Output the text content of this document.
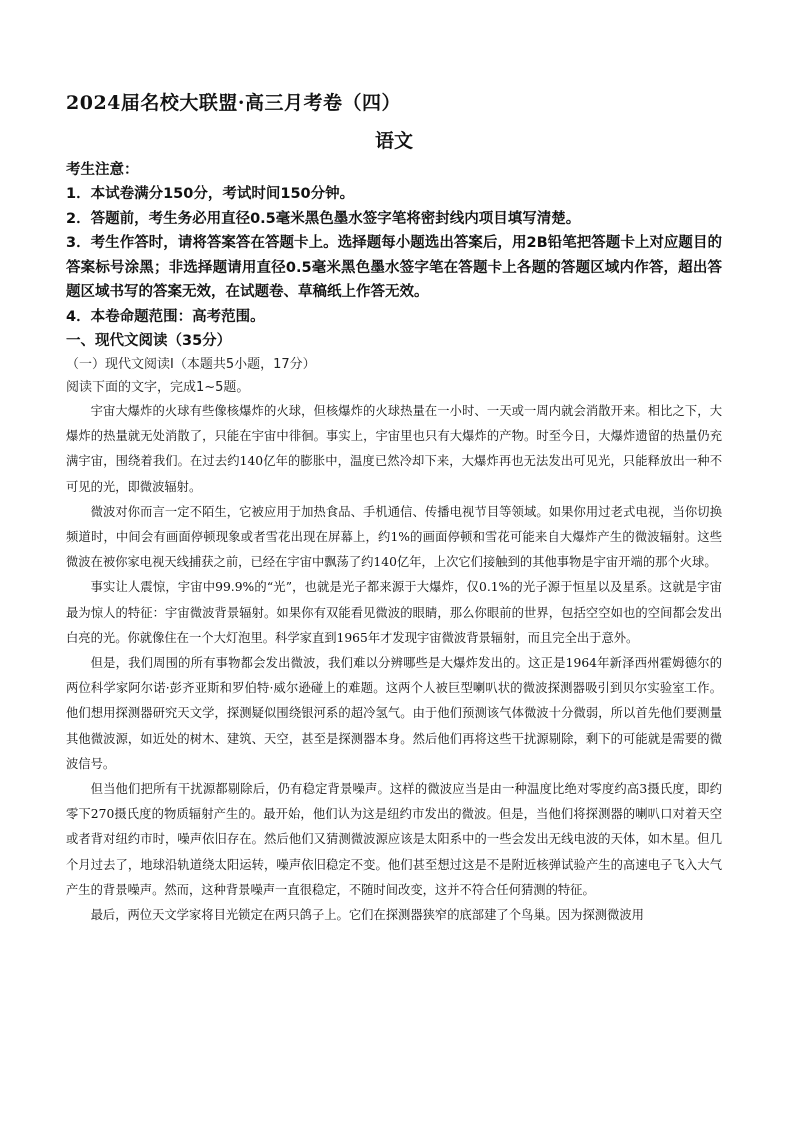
2024届名校大联盟·高三月考卷（四）
语文

考生注意：

1．本试卷满分150分，考试时间150分钟。

2．答题前，考生务必用直径0.5毫米黑色墨水签字笔将密封线内项目填写清楚。

3．考生作答时，请将答案答在答题卡上。选择题每小题选出答案后，用2B铅笔把答题卡上对应题目的答案标号涂黑；非选择题请用直径0.5毫米黑色墨水签字笔在答题卡上各题的答题区域内作答，超出答题区域书写的答案无效，在试题卷、草稿纸上作答无效。

4．本卷命题范围：高考范围。

一、现代文阅读（35分）

（一）现代文阅读Ⅰ（本题共5小题，17分）

阅读下面的文字，完成1~5题。

宇宙大爆炸的火球有些像核爆炸的火球，但核爆炸的火球热量在一小时、一天或一周内就会消散开来。相比之下，大爆炸的热量就无处消散了，只能在宇宙中徘徊。事实上，宇宙里也只有大爆炸的产物。时至今日，大爆炸遗留的热量仍充满宇宙，围绕着我们。在过去约140亿年的膨胀中，温度已然冷却下来，大爆炸再也无法发出可见光，只能释放出一种不可见的光，即微波辐射。

微波对你而言一定不陌生，它被应用于加热食品、手机通信、传播电视节目等领域。如果你用过老式电视，当你切换频道时，中间会有画面停顿现象或者雪花出现在屏幕上，约1%的画面停顿和雪花可能来自大爆炸产生的微波辐射。这些微波在被你家电视天线捕获之前，已经在宇宙中飘荡了约140亿年，上次它们接触到的其他事物是宇宙开端的那个火球。

事实让人震惊，宇宙中99.9%的“光”，也就是光子都来源于大爆炸，仅0.1%的光子源于恒星以及星系。这就是宇宙最为惊人的特征：宇宙微波背景辐射。如果你有双能看见微波的眼睛，那么你眼前的世界，包括空空如也的空间都会发出白亮的光。你就像住在一个大灯泡里。科学家直到1965年才发现宇宙微波背景辐射，而且完全出于意外。

但是，我们周围的所有事物都会发出微波，我们难以分辨哪些是大爆炸发出的。这正是1964年新泽西州霍姆德尔的两位科学家阿尔诺·彭齐亚斯和罗伯特·威尔逊碰上的难题。这两个人被巨型喇叭状的微波探测器吸引到贝尔实验室工作。他们想用探测器研究天文学，探测疑似围绕银河系的超冷氢气。由于他们预测该气体微波十分微弱，所以首先他们要测量其他微波源，如近处的树木、建筑、天空，甚至是探测器本身。然后他们再将这些干扰源剔除，剩下的可能就是需要的微波信号。

但当他们把所有干扰源都剔除后，仍有稳定背景噪声。这样的微波应当是由一种温度比绝对零度约高3摄氏度，即约零下270摄氏度的物质辐射产生的。最开始，他们认为这是纽约市发出的微波。但是，当他们将探测器的喇叭口对着天空或者背对纽约市时，噪声依旧存在。然后他们又猜测微波源应该是太阳系中的一些会发出无线电波的天体，如木星。但几个月过去了，地球沿轨道绕太阳运转，噪声依旧稳定不变。他们甚至想过这是不是附近核弹试验产生的高速电子飞入大气产生的背景噪声。然而，这种背景噪声一直很稳定，不随时间改变，这并不符合任何猜测的特征。

最后，两位天文学家将目光锁定在两只鸽子上。它们在探测器狭窄的底部建了个鸟巢。因为探测微波用
